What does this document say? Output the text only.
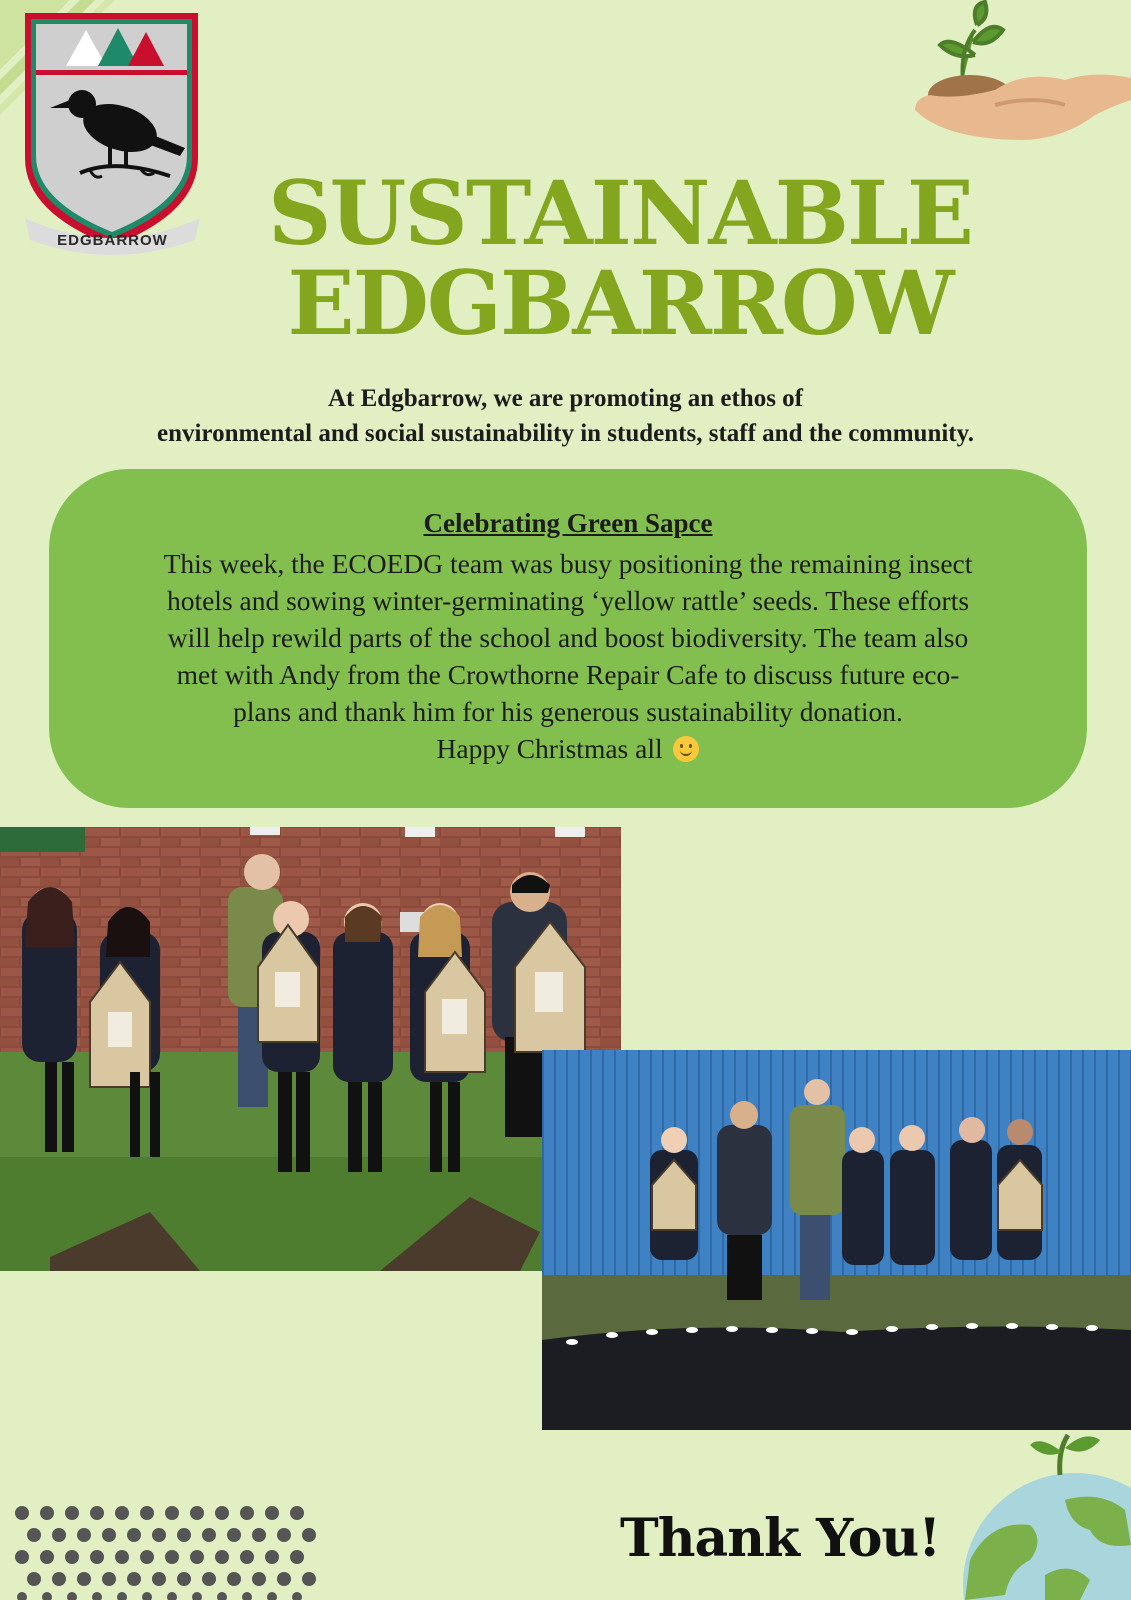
EDGBARROW	SUSTAINABLE
EDGBARROW
At Edgbarrow, we are promoting an ethos of
environmental and social sustainability in students, staff and the community.
Celebrating Green Sapce
This week, the ECOEDG team was busy positioning the remaining insect
hotels and sowing winter-germinating ‘yellow rattle’ seeds. These efforts
will help rewild parts of the school and boost biodiversity. The team also
met with Andy from the Crowthorne Repair Cafe to discuss future eco-
plans and thank him for his generous sustainability donation.
Happy Christmas all
Thank You!
